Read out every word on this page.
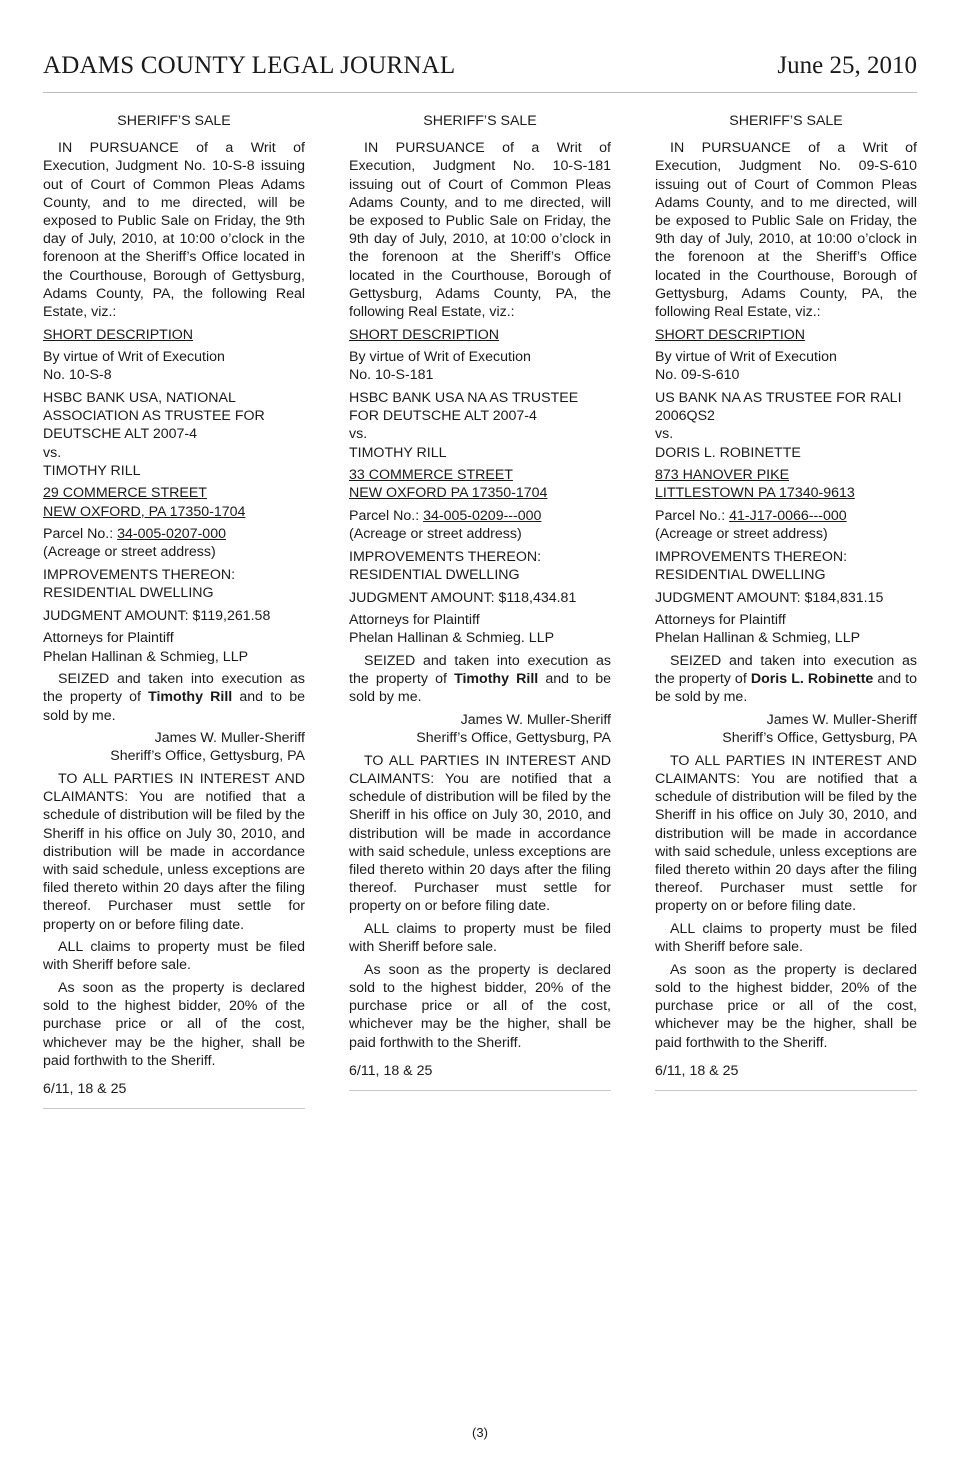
ADAMS COUNTY LEGAL JOURNAL	June 25, 2010

SHERIFF’S SALE

IN PURSUANCE of a Writ of Execution, Judgment No. 10-S-8 issuing out of Court of Common Pleas Adams County, and to me directed, will be exposed to Public Sale on Friday, the 9th day of July, 2010, at 10:00 o’clock in the forenoon at the Sheriff’s Office located in the Courthouse, Borough of Gettysburg, Adams County, PA, the following Real Estate, viz.:

SHORT DESCRIPTION

By virtue of Writ of Execution
No. 10-S-8

HSBC BANK USA, NATIONAL ASSOCIATION AS TRUSTEE FOR DEUTSCHE ALT 2007-4
vs.
TIMOTHY RILL

29 COMMERCE STREET
NEW OXFORD, PA 17350-1704

Parcel No.: 34-005-0207-000
(Acreage or street address)

IMPROVEMENTS THEREON:
RESIDENTIAL DWELLING

JUDGMENT AMOUNT: $119,261.58

Attorneys for Plaintiff
Phelan Hallinan & Schmieg, LLP

SEIZED and taken into execution as the property of Timothy Rill and to be sold by me.

James W. Muller-Sheriff
Sheriff’s Office, Gettysburg, PA

TO ALL PARTIES IN INTEREST AND CLAIMANTS: You are notified that a schedule of distribution will be filed by the Sheriff in his office on July 30, 2010, and distribution will be made in accordance with said schedule, unless exceptions are filed thereto within 20 days after the filing thereof. Purchaser must settle for property on or before filing date.

ALL claims to property must be filed with Sheriff before sale.

As soon as the property is declared sold to the highest bidder, 20% of the purchase price or all of the cost, whichever may be the higher, shall be paid forthwith to the Sheriff.

6/11, 18 & 25

SHERIFF’S SALE

IN PURSUANCE of a Writ of Execution, Judgment No. 10-S-181 issuing out of Court of Common Pleas Adams County, and to me directed, will be exposed to Public Sale on Friday, the 9th day of July, 2010, at 10:00 o’clock in the forenoon at the Sheriff’s Office located in the Courthouse, Borough of Gettysburg, Adams County, PA, the following Real Estate, viz.:

SHORT DESCRIPTION

By virtue of Writ of Execution
No. 10-S-181

HSBC BANK USA NA AS TRUSTEE FOR DEUTSCHE ALT 2007-4
vs.
TIMOTHY RILL

33 COMMERCE STREET
NEW OXFORD PA 17350-1704

Parcel No.: 34-005-0209---000
(Acreage or street address)

IMPROVEMENTS THEREON:
RESIDENTIAL DWELLING

JUDGMENT AMOUNT: $118,434.81

Attorneys for Plaintiff
Phelan Hallinan & Schmieg. LLP

SEIZED and taken into execution as the property of Timothy Rill and to be sold by me.

James W. Muller-Sheriff
Sheriff’s Office, Gettysburg, PA

TO ALL PARTIES IN INTEREST AND CLAIMANTS: You are notified that a schedule of distribution will be filed by the Sheriff in his office on July 30, 2010, and distribution will be made in accordance with said schedule, unless exceptions are filed thereto within 20 days after the filing thereof. Purchaser must settle for property on or before filing date.

ALL claims to property must be filed with Sheriff before sale.

As soon as the property is declared sold to the highest bidder, 20% of the purchase price or all of the cost, whichever may be the higher, shall be paid forthwith to the Sheriff.

6/11, 18 & 25

SHERIFF’S SALE

IN PURSUANCE of a Writ of Execution, Judgment No. 09-S-610 issuing out of Court of Common Pleas Adams County, and to me directed, will be exposed to Public Sale on Friday, the 9th day of July, 2010, at 10:00 o’clock in the forenoon at the Sheriff’s Office located in the Courthouse, Borough of Gettysburg, Adams County, PA, the following Real Estate, viz.:

SHORT DESCRIPTION

By virtue of Writ of Execution
No. 09-S-610

US BANK NA AS TRUSTEE FOR RALI 2006QS2
vs.
DORIS L. ROBINETTE

873 HANOVER PIKE
LITTLESTOWN PA 17340-9613

Parcel No.: 41-J17-0066---000
(Acreage or street address)

IMPROVEMENTS THEREON:
RESIDENTIAL DWELLING

JUDGMENT AMOUNT: $184,831.15

Attorneys for Plaintiff
Phelan Hallinan & Schmieg, LLP

SEIZED and taken into execution as the property of Doris L. Robinette and to be sold by me.

James W. Muller-Sheriff
Sheriff’s Office, Gettysburg, PA

TO ALL PARTIES IN INTEREST AND CLAIMANTS: You are notified that a schedule of distribution will be filed by the Sheriff in his office on July 30, 2010, and distribution will be made in accordance with said schedule, unless exceptions are filed thereto within 20 days after the filing thereof. Purchaser must settle for property on or before filing date.

ALL claims to property must be filed with Sheriff before sale.

As soon as the property is declared sold to the highest bidder, 20% of the purchase price or all of the cost, whichever may be the higher, shall be paid forthwith to the Sheriff.

6/11, 18 & 25

(3)
